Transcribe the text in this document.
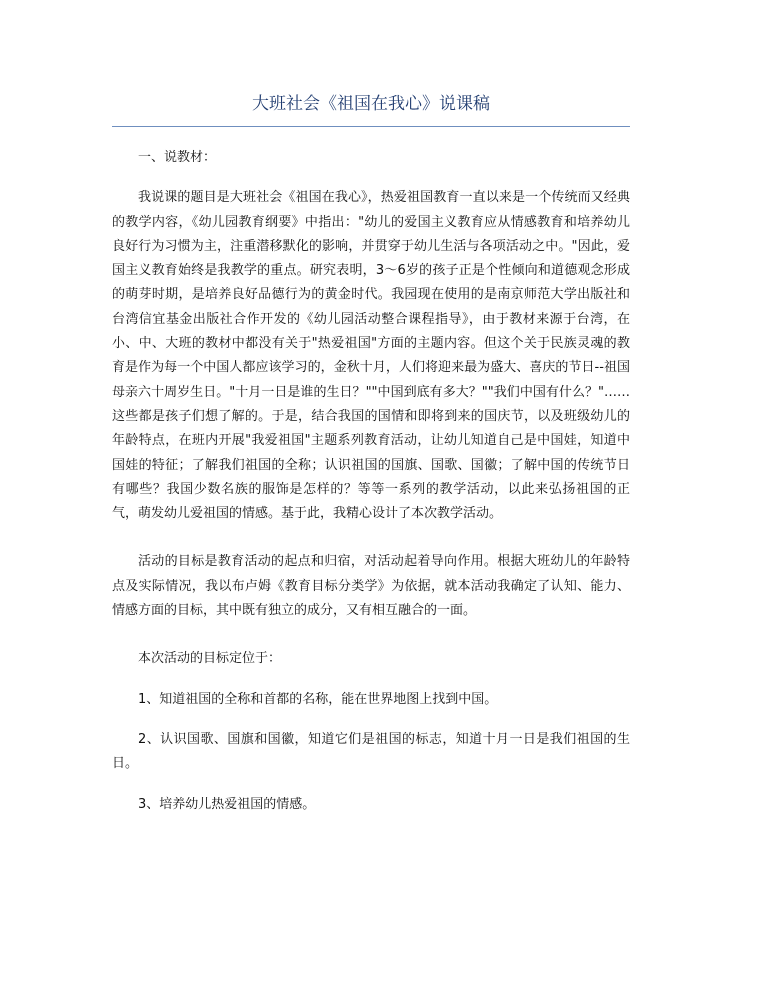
大班社会《祖国在我心》说课稿

一、说教材：

我说课的题目是大班社会《祖国在我心》，热爱祖国教育一直以来是一个传统而又经典的教学内容，《幼儿园教育纲要》中指出："幼儿的爱国主义教育应从情感教育和培养幼儿良好行为习惯为主，注重潜移默化的影响，并贯穿于幼儿生活与各项活动之中。"因此，爱国主义教育始终是我教学的重点。研究表明，3～6岁的孩子正是个性倾向和道德观念形成的萌芽时期，是培养良好品德行为的黄金时代。我园现在使用的是南京师范大学出版社和台湾信宜基金出版社合作开发的《幼儿园活动整合课程指导》，由于教材来源于台湾，在小、中、大班的教材中都没有关于"热爱祖国"方面的主题内容。但这个关于民族灵魂的教育是作为每一个中国人都应该学习的，金秋十月，人们将迎来最为盛大、喜庆的节日--祖国母亲六十周岁生日。"十月一日是谁的生日？""中国到底有多大？""我们中国有什么？"……这些都是孩子们想了解的。于是，结合我国的国情和即将到来的国庆节，以及班级幼儿的年龄特点，在班内开展"我爱祖国"主题系列教育活动，让幼儿知道自己是中国娃，知道中国娃的特征；了解我们祖国的全称；认识祖国的国旗、国歌、国徽；了解中国的传统节日有哪些？我国少数名族的服饰是怎样的？等等一系列的教学活动，以此来弘扬祖国的正气，萌发幼儿爱祖国的情感。基于此，我精心设计了本次教学活动。

活动的目标是教育活动的起点和归宿，对活动起着导向作用。根据大班幼儿的年龄特点及实际情况，我以布卢姆《教育目标分类学》为依据，就本活动我确定了认知、能力、情感方面的目标，其中既有独立的成分，又有相互融合的一面。

本次活动的目标定位于：

1、知道祖国的全称和首都的名称，能在世界地图上找到中国。

2、认识国歌、国旗和国徽，知道它们是祖国的标志，知道十月一日是我们祖国的生日。

3、培养幼儿热爱祖国的情感。
